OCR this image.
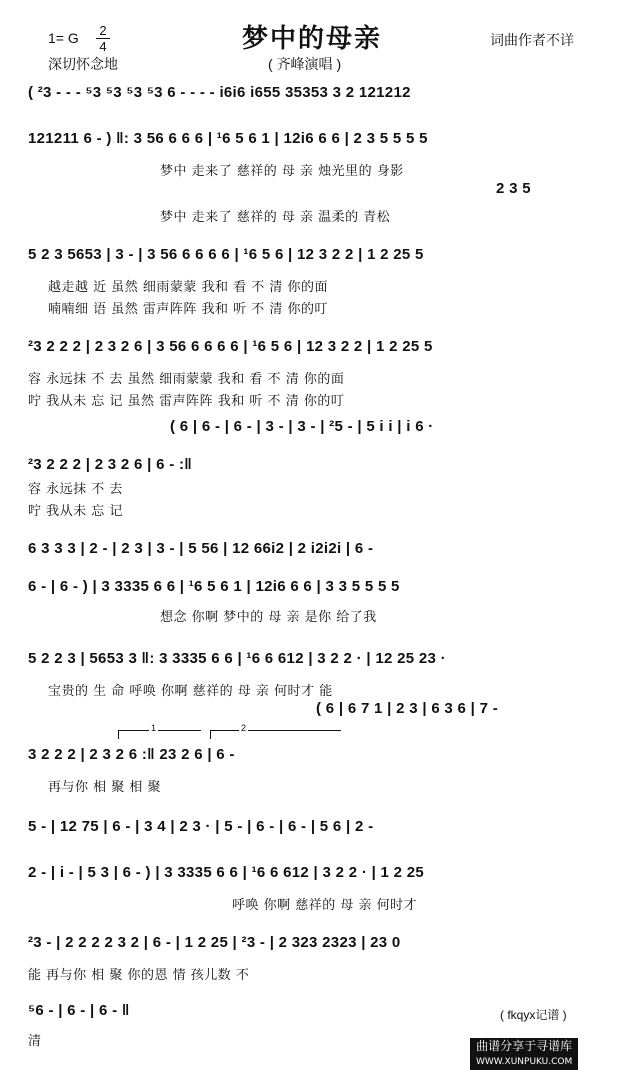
1= G 2
4	梦中的母亲	词曲作者不详
深切怀念地	( 齐峰演唱 )
( ²3 - - - ⁵3 ⁵3 ⁵3 ⁵3 6 - - - - i6i6 i655 35353 3 2 121212
121211 6 - ) ‖: 3 56 6 6 6 | ¹6 5 6 1 | 12i6 6 6 | 2 3 5 5 5 5
梦中 走来了 慈祥的 母 亲 烛光里的 身影
2 3 5
梦中 走来了 慈祥的 母 亲 温柔的 青松
5 2 3 5653 | 3 - | 3 56 6 6 6 6 | ¹6 5 6 | 12 3 2 2 | 1 2 25 5
越走越 近 虽然 细雨蒙蒙 我和 看 不 清 你的面
喃喃细 语 虽然 雷声阵阵 我和 听 不 清 你的叮
²3 2 2 2 | 2 3 2 6 | 3 56 6 6 6 6 | ¹6 5 6 | 12 3 2 2 | 1 2 25 5
容 永远抹 不 去 虽然 细雨蒙蒙 我和 看 不 清 你的面
咛 我从未 忘 记 虽然 雷声阵阵 我和 听 不 清 你的叮
( 6 | 6 - | 6 - | 3 - | 3 - | ²5 - | 5 i i | i 6 ·
²3 2 2 2 | 2 3 2 6 | 6 - :‖
容 永远抹 不 去
咛 我从未 忘 记
6 3 3 3 | 2 - | 2 3 | 3 - | 5 56 | 12 66i2 | 2 i2i2i | 6 -
6 - | 6 - ) | 3 3335 6 6 | ¹6 5 6 1 | 12i6 6 6 | 3 3 5 5 5 5
想念 你啊 梦中的 母 亲 是你 给了我
5 2 2 3 | 5653 3 ‖: 3 3335 6 6 | ¹6 6 612 | 3 2 2 · | 12 25 23 ·
宝贵的 生 命 呼唤 你啊 慈祥的 母 亲 何时才 能
( 6 | 6 7 1 | 2 3 | 6 3 6 | 7 -
1	2
3 2 2 2 | 2 3 2 6 :‖ 23 2 6 | 6 -
再与你 相 聚 相 聚
5 - | 12 75 | 6 - | 3 4 | 2 3 · | 5 - | 6 - | 6 - | 5 6 | 2 -
2 - | i - | 5 3 | 6 - ) | 3 3335 6 6 | ¹6 6 612 | 3 2 2 · | 1 2 25
呼唤 你啊 慈祥的 母 亲 何时才
²3 - | 2 2 2 2 3 2 | 6 - | 1 2 25 | ²3 - | 2 323 2323 | 23 0
能 再与你 相 聚 你的恩 情 孩儿数 不
⁵6 - | 6 - | 6 - ‖
清
( fkqyx记谱 )
曲谱分享于寻谱库
WWW.XUNPUKU.COM
